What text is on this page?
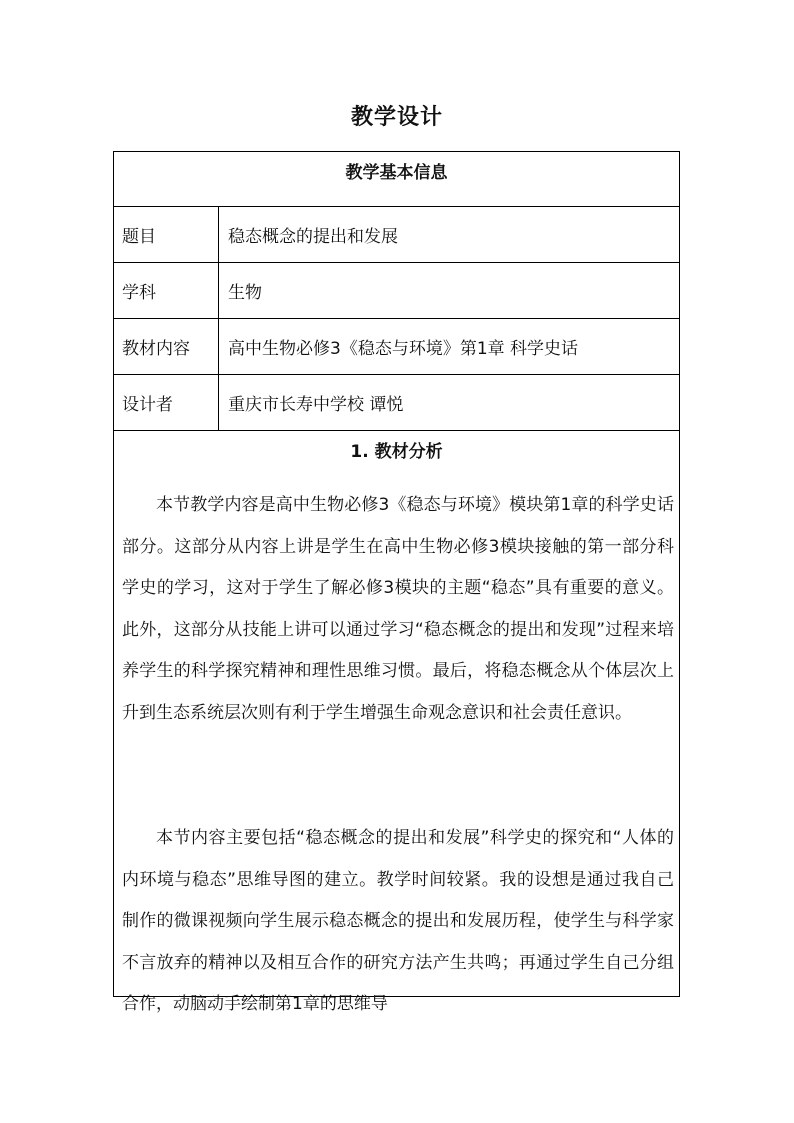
教学设计
教学基本信息
题目	稳态概念的提出和发展
学科	生物
教材内容	高中生物必修3《稳态与环境》第1章 科学史话
设计者	重庆市长寿中学校 谭悦
1. 教材分析

本节教学内容是高中生物必修3《稳态与环境》模块第1章的科学史话部分。这部分从内容上讲是学生在高中生物必修3模块接触的第一部分科学史的学习，这对于学生了解必修3模块的主题“稳态”具有重要的意义。此外，这部分从技能上讲可以通过学习“稳态概念的提出和发现”过程来培养学生的科学探究精神和理性思维习惯。最后，将稳态概念从个体层次上升到生态系统层次则有利于学生增强生命观念意识和社会责任意识。

本节内容主要包括“稳态概念的提出和发展”科学史的探究和“人体的内环境与稳态”思维导图的建立。教学时间较紧。我的设想是通过我自己制作的微课视频向学生展示稳态概念的提出和发展历程，使学生与科学家不言放弃的精神以及相互合作的研究方法产生共鸣；再通过学生自己分组合作，动脑动手绘制第1章的思维导
